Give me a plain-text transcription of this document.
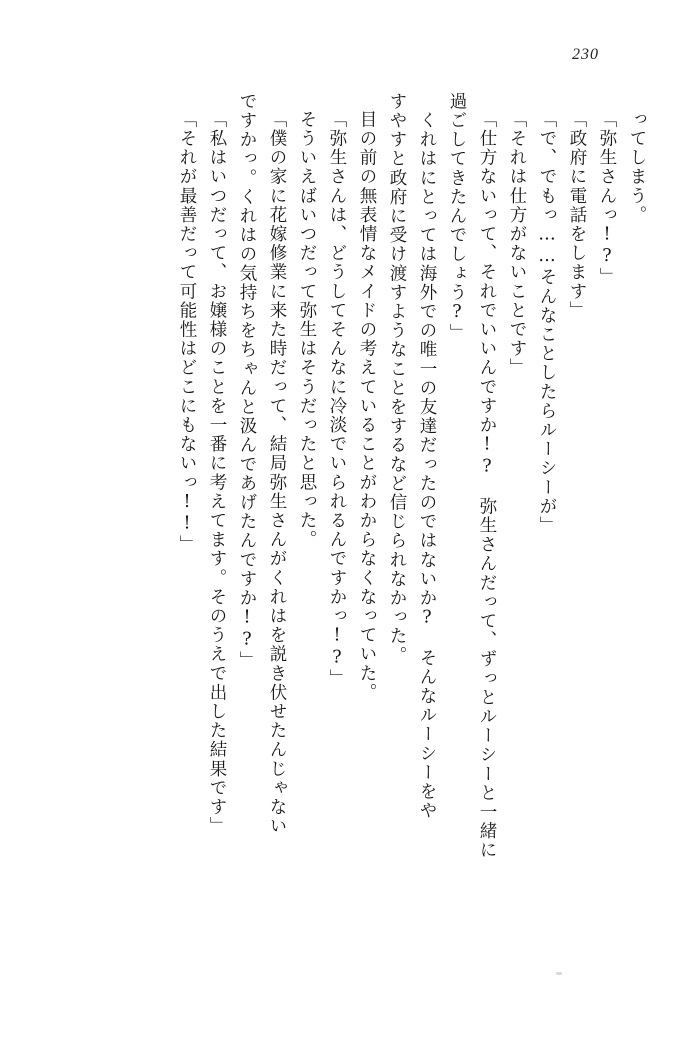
230
ってしまう。
「弥生さんっ!?」
「政府に電話をします」
「で、でもっ……そんなことしたらルーシーが」
「それは仕方がないことです」
「仕方ないって、それでいいんですか!?　弥生さんだって、ずっとルーシーと一緒に
過ごしてきたんでしょう?」
　くれはにとっては海外での唯一の友達だったのではないか?　そんなルーシーをや
すやすと政府に受け渡すようなことをするなど信じられなかった。
目の前の無表情なメイドの考えていることがわからなくなっていた。
「弥生さんは、どうしてそんなに冷淡でいられるんですかっ!?」
そういえばいつだって弥生はそうだったと思った。
「僕の家に花嫁修業に来た時だって、結局弥生さんがくれはを説き伏せたんじゃない
ですかっ。くれはの気持ちをちゃんと汲んであげたんですか!?」
「私はいつだって、お嬢様のことを一番に考えてます。そのうえで出した結果です」
「それが最善だって可能性はどこにもないっ!!」
